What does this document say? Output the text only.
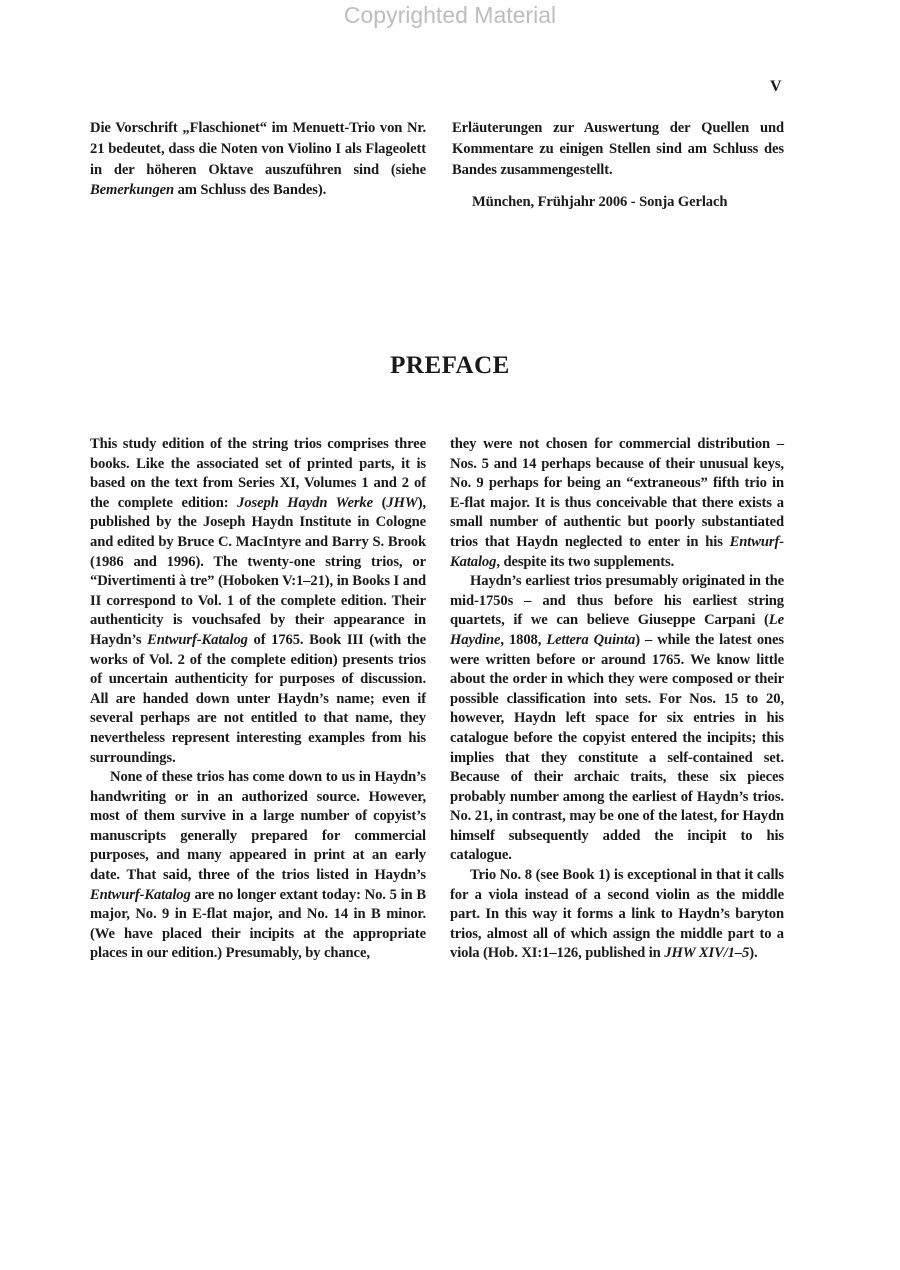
Copyrighted Material
V

Die Vorschrift „Flaschionet“ im Menuett-Trio von Nr. 21 bedeutet, dass die Noten von Violino I als Flageolett in der höheren Oktave auszuführen sind (siehe Bemerkungen am Schluss des Bandes).

Erläuterungen zur Auswertung der Quellen und Kommentare zu einigen Stellen sind am Schluss des Bandes zusammengestellt.

München, Frühjahr 2006 - Sonja Gerlach

PREFACE

This study edition of the string trios comprises three books. Like the associated set of printed parts, it is based on the text from Series XI, Volumes 1 and 2 of the complete edition: Joseph Haydn Werke (JHW), published by the Joseph Haydn Institute in Cologne and edited by Bruce C. MacIntyre and Barry S. Brook (1986 and 1996). The twenty-one string trios, or “Divertimenti à tre” (Hoboken V:1–21), in Books I and II correspond to Vol. 1 of the complete edition. Their authenticity is vouchsafed by their appearance in Haydn’s Entwurf-Katalog of 1765. Book III (with the works of Vol. 2 of the complete edition) presents trios of uncertain authenticity for purposes of discussion. All are handed down unter Haydn’s name; even if several perhaps are not entitled to that name, they nevertheless represent interesting examples from his surroundings.

None of these trios has come down to us in Haydn’s handwriting or in an authorized source. However, most of them survive in a large number of copyist’s manuscripts generally prepared for commercial purposes, and many appeared in print at an early date. That said, three of the trios listed in Haydn’s Entwurf-Katalog are no longer extant today: No. 5 in B major, No. 9 in E-flat major, and No. 14 in B minor. (We have placed their incipits at the appropriate places in our edition.) Presumably, by chance,

they were not chosen for commercial distribution – Nos. 5 and 14 perhaps because of their unusual keys, No. 9 perhaps for being an “extraneous” fifth trio in E-flat major. It is thus conceivable that there exists a small number of authentic but poorly substantiated trios that Haydn neglected to enter in his Entwurf-Katalog, despite its two supplements.

Haydn’s earliest trios presumably originated in the mid-1750s – and thus before his earliest string quartets, if we can believe Giuseppe Carpani (Le Haydine, 1808, Lettera Quinta) – while the latest ones were written before or around 1765. We know little about the order in which they were composed or their possible classification into sets. For Nos. 15 to 20, however, Haydn left space for six entries in his catalogue before the copyist entered the incipits; this implies that they constitute a self-contained set. Because of their archaic traits, these six pieces probably number among the earliest of Haydn’s trios. No. 21, in contrast, may be one of the latest, for Haydn himself subsequently added the incipit to his catalogue.

Trio No. 8 (see Book 1) is exceptional in that it calls for a viola instead of a second violin as the middle part. In this way it forms a link to Haydn’s baryton trios, almost all of which assign the middle part to a viola (Hob. XI:1–126, published in JHW XIV/1–5).
